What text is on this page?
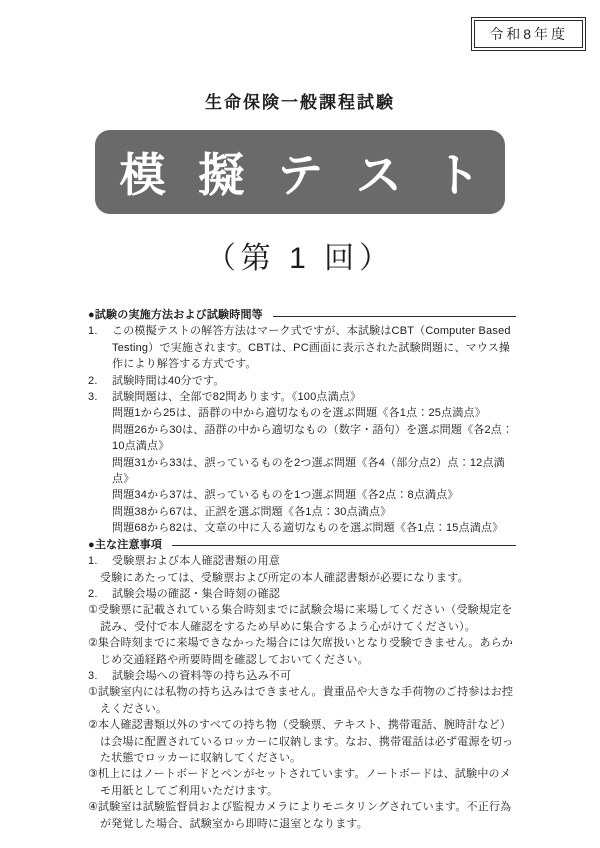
令和8年度
生命保険一般課程試験
模 擬 テ ス ト
（第 1 回）
●試験の実施方法および試験時間等
1.	この模擬テストの解答方法はマーク式ですが、本試験はCBT（Computer Based Testing）で実施されます。CBTは、PC画面に表示された試験問題に、マウス操作により解答する方式です。
2.	試験時間は40分です。
3.	試験問題は、全部で82問あります。《100点満点》
問題1から25は、語群の中から適切なものを選ぶ問題《各1点：25点満点》
問題26から30は、語群の中から適切なもの（数字・語句）を選ぶ問題《各2点：10点満点》
問題31から33は、誤っているものを2つ選ぶ問題《各4（部分点2）点：12点満点》
問題34から37は、誤っているものを1つ選ぶ問題《各2点：8点満点》
問題38から67は、正誤を選ぶ問題《各1点：30点満点》
問題68から82は、文章の中に入る適切なものを選ぶ問題《各1点：15点満点》
●主な注意事項
1.	受験票および本人確認書類の用意
受験にあたっては、受験票および所定の本人確認書類が必要になります。
2.	試験会場の確認・集合時刻の確認
①受験票に記載されている集合時刻までに試験会場に来場してください（受験規定を読み、受付で本人確認をするため早めに集合するよう心がけてください）。
②集合時刻までに来場できなかった場合には欠席扱いとなり受験できません。あらかじめ交通経路や所要時間を確認しておいてください。
3.	試験会場への資料等の持ち込み不可
①試験室内には私物の持ち込みはできません。貴重品や大きな手荷物のご持参はお控えください。
②本人確認書類以外のすべての持ち物（受験票、テキスト、携帯電話、腕時計など）は会場に配置されているロッカーに収納します。なお、携帯電話は必ず電源を切った状態でロッカーに収納してください。
③机上にはノートボードとペンがセットされています。ノートボードは、試験中のメモ用紙としてご利用いただけます。
④試験室は試験監督員および監視カメラによりモニタリングされています。不正行為が発覚した場合、試験室から即時に退室となります。
